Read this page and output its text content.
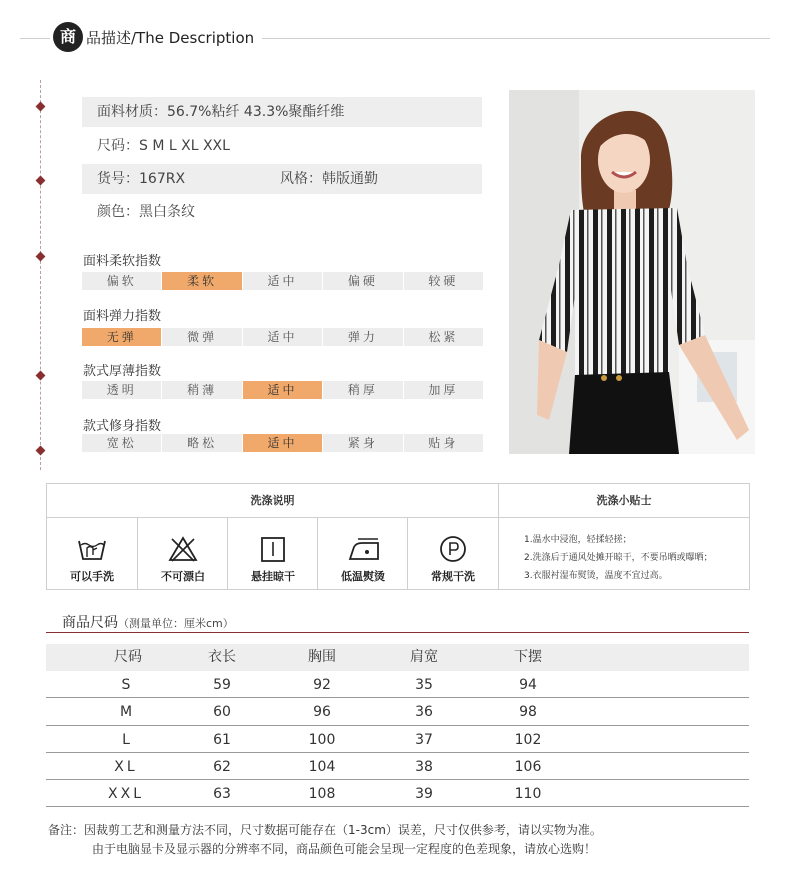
商 品描述/The Description
面料材质：56.7%粘纤 43.3%聚酯纤维
尺码：S M L XL XXL
货号：167RX	风格：韩版通勤
颜色：黑白条纹
面料柔软指数
偏软	柔软	适中	偏硬	较硬
面料弹力指数
无弹	微弹	适中	弹力	松紧
款式厚薄指数
透明	稍薄	适中	稍厚	加厚
款式修身指数
宽松	略松	适中	紧身	贴身
洗涤说明	洗涤小贴士
可以手洗	不可漂白	悬挂晾干	低温熨烫	常规干洗
1.温水中浸泡，轻揉轻搓；
2.洗涤后于通风处摊开晾干，不要吊晒或曝晒；
3.衣服衬湿布熨烫，温度不宜过高。
商品尺码（测量单位：厘米cm）
尺码	衣长	胸围	肩宽	下摆
S	59	92	35	94
M	60	96	36	98
L	61	100	37	102
XL	62	104	38	106
XXL	63	108	39	110
备注：因裁剪工艺和测量方法不同，尺寸数据可能存在（1-3cm）误差，尺寸仅供参考，请以实物为准。
由于电脑显卡及显示器的分辨率不同，商品颜色可能会呈现一定程度的色差现象，请放心选购！
